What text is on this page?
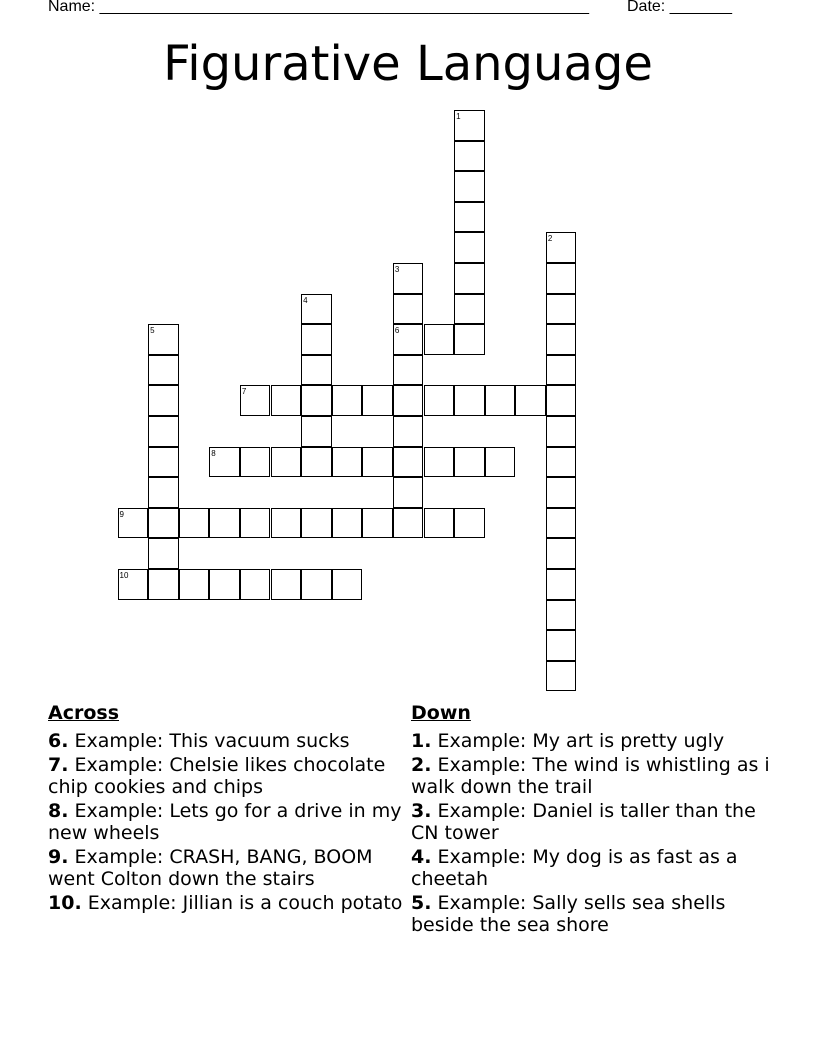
Name: _______________________________________________________ Date: _______
Figurative Language
1
2
3
6
4
5
7
8
9
10
Across	Down
6. Example: This vacuum sucks
7. Example: Chelsie likes chocolate chip cookies and chips
8. Example: Lets go for a drive in my new wheels
9. Example: CRASH, BANG, BOOM went Colton down the stairs
10. Example: Jillian is a couch potato
1. Example: My art is pretty ugly
2. Example: The wind is whistling as i walk down the trail
3. Example: Daniel is taller than the CN tower
4. Example: My dog is as fast as a cheetah
5. Example: Sally sells sea shells beside the sea shore
